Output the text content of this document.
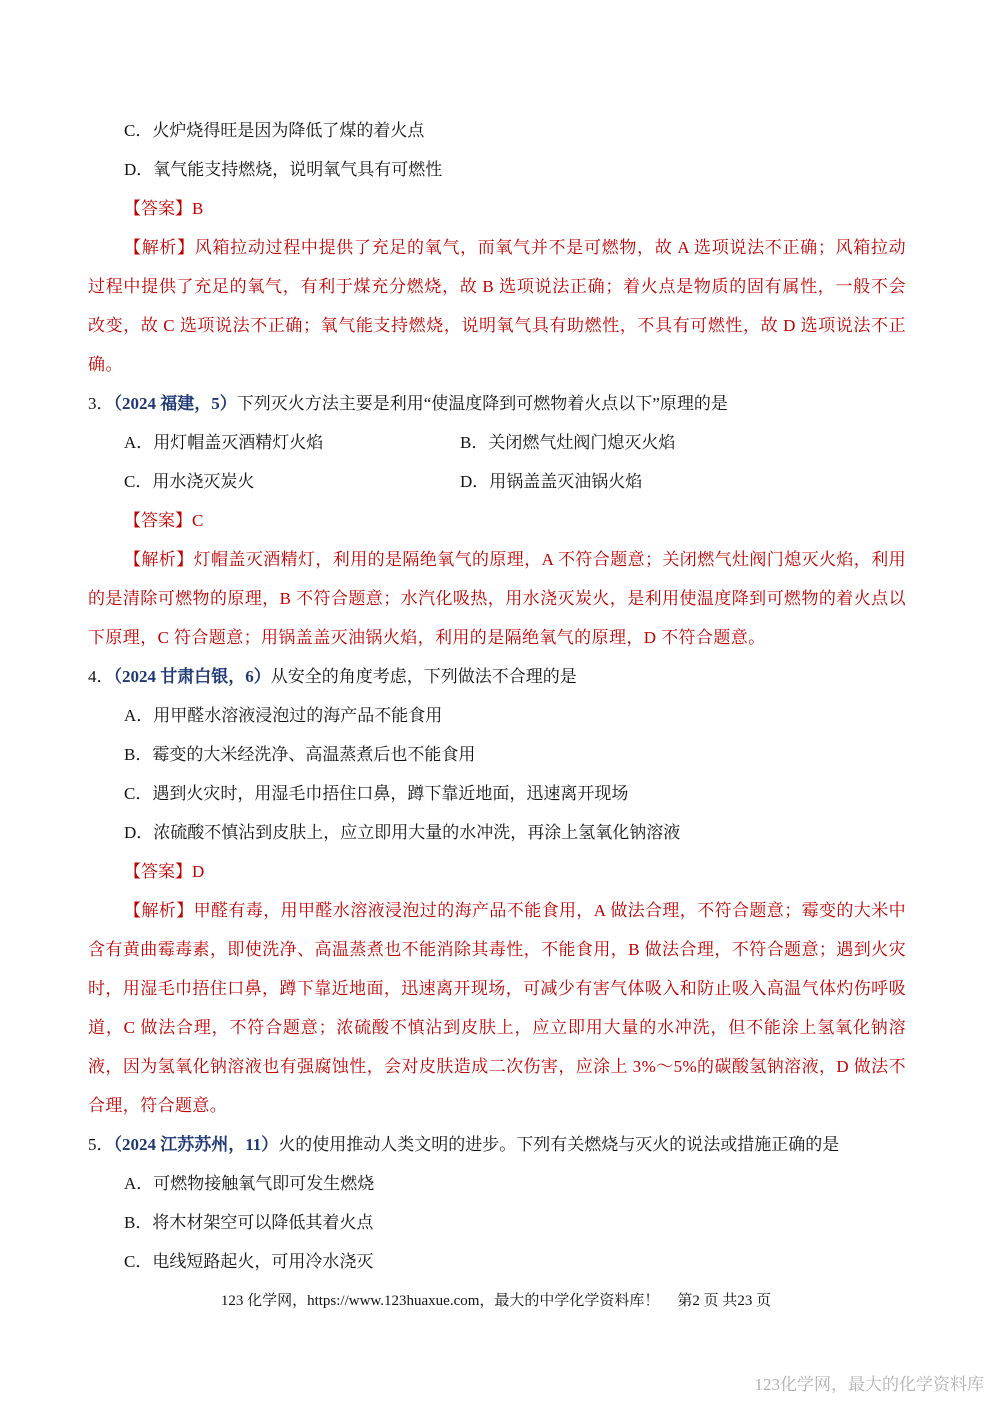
C．火炉烧得旺是因为降低了煤的着火点
D．氧气能支持燃烧，说明氧气具有可燃性
【答案】B

【解析】风箱拉动过程中提供了充足的氧气，而氧气并不是可燃物，故 A 选项说法不正确；风箱拉动过程中提供了充足的氧气，有利于煤充分燃烧，故 B 选项说法正确；着火点是物质的固有属性，一般不会改变，故 C 选项说法不正确；氧气能支持燃烧，说明氧气具有助燃性，不具有可燃性，故 D 选项说法不正确。

3．（2024 福建，5）下列灭火方法主要是利用“使温度降到可燃物着火点以下”原理的是
A．用灯帽盖灭酒精灯火焰	B．关闭燃气灶阀门熄灭火焰
C．用水浇灭炭火	D．用锅盖盖灭油锅火焰
【答案】C

【解析】灯帽盖灭酒精灯，利用的是隔绝氧气的原理，A 不符合题意；关闭燃气灶阀门熄灭火焰，利用的是清除可燃物的原理，B 不符合题意；水汽化吸热，用水浇灭炭火，是利用使温度降到可燃物的着火点以下原理，C 符合题意；用锅盖盖灭油锅火焰，利用的是隔绝氧气的原理，D 不符合题意。

4．（2024 甘肃白银，6）从安全的角度考虑，下列做法不合理的是
A．用甲醛水溶液浸泡过的海产品不能食用
B．霉变的大米经洗净、高温蒸煮后也不能食用
C．遇到火灾时，用湿毛巾捂住口鼻，蹲下靠近地面，迅速离开现场
D．浓硫酸不慎沾到皮肤上，应立即用大量的水冲洗，再涂上氢氧化钠溶液
【答案】D

【解析】甲醛有毒，用甲醛水溶液浸泡过的海产品不能食用，A 做法合理，不符合题意；霉变的大米中含有黄曲霉毒素，即使洗净、高温蒸煮也不能消除其毒性，不能食用，B 做法合理，不符合题意；遇到火灾时，用湿毛巾捂住口鼻，蹲下靠近地面，迅速离开现场，可减少有害气体吸入和防止吸入高温气体灼伤呼吸道，C 做法合理，不符合题意；浓硫酸不慎沾到皮肤上，应立即用大量的水冲洗，但不能涂上氢氧化钠溶液，因为氢氧化钠溶液也有强腐蚀性，会对皮肤造成二次伤害，应涂上 3%～5%的碳酸氢钠溶液，D 做法不合理，符合题意。

5．（2024 江苏苏州，11）火的使用推动人类文明的进步。下列有关燃烧与灭火的说法或措施正确的是
A．可燃物接触氧气即可发生燃烧
B．将木材架空可以降低其着火点
C．电线短路起火，可用冷水浇灭
123 化学网，https://www.123huaxue.com，最大的中学化学资料库！ 第2 页 共23 页
123化学网，最大的化学资料库
